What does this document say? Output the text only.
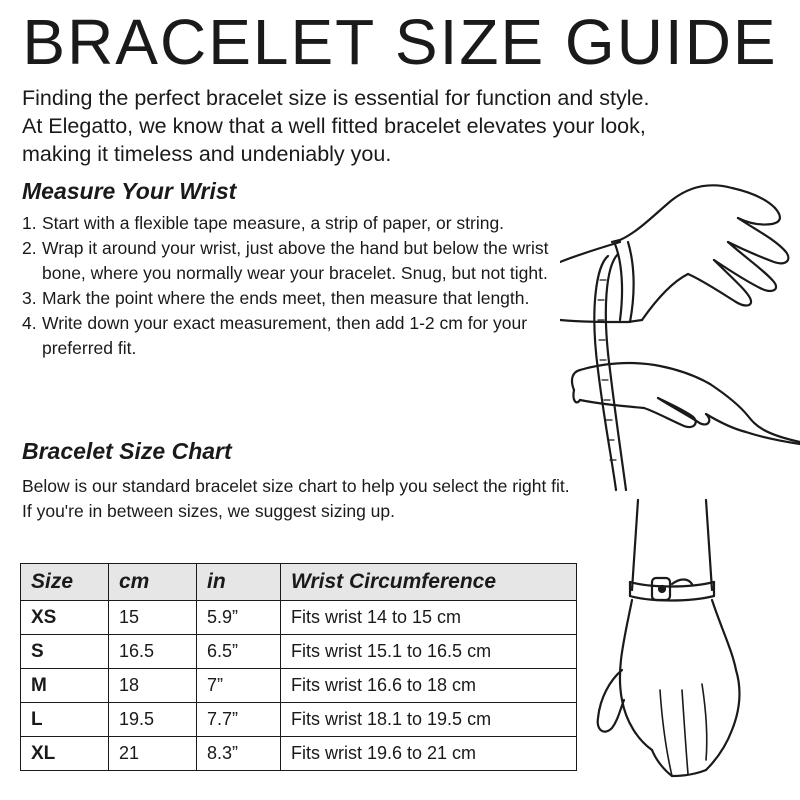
BRACELET SIZE GUIDE
Finding the perfect bracelet size is essential for function and style.
At Elegatto, we know that a well fitted bracelet elevates your look,
making it timeless and undeniably you.
Measure Your Wrist
1. Start with a flexible tape measure, a strip of paper, or string.
2. Wrap it around your wrist, just above the hand but below the wrist bone, where you normally wear your bracelet. Snug, but not tight.
3. Mark the point where the ends meet, then measure that length.
4. Write down your exact measurement, then add 1-2 cm for your preferred fit.
Bracelet Size Chart
Below is our standard bracelet size chart to help you select the right fit. If you're in between sizes, we suggest sizing up.
Size	cm	in	Wrist Circumference
XS	15	5.9”	Fits wrist 14 to 15 cm
S	16.5	6.5”	Fits wrist 15.1 to 16.5 cm
M	18	7”	Fits wrist 16.6 to 18 cm
L	19.5	7.7”	Fits wrist 18.1 to 19.5 cm
XL	21	8.3”	Fits wrist 19.6 to 21 cm
